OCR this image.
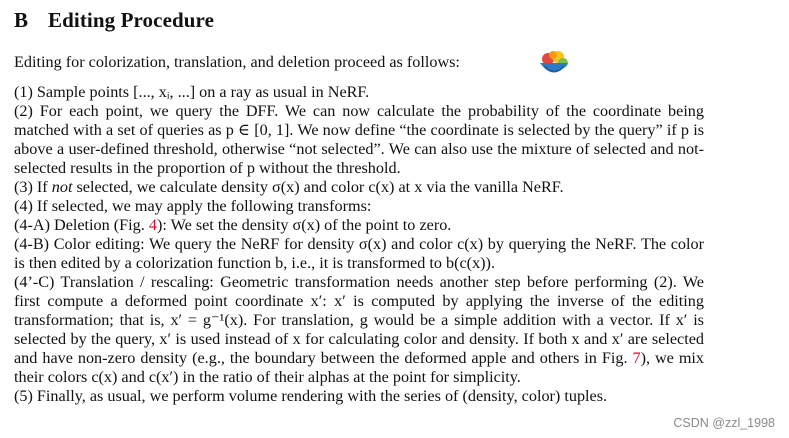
B Editing Procedure
Editing for colorization, translation, and deletion proceed as follows:

(1) Sample points [..., xᵢ, ...] on a ray as usual in NeRF.

(2) For each point, we query the DFF. We can now calculate the probability of the coordinate being matched with a set of queries as p ∈ [0, 1]. We now define “the coordinate is selected by the query” if p is above a user-defined threshold, otherwise “not selected”. We can also use the mixture of selected and not-selected results in the proportion of p without the threshold.

(3) If not selected, we calculate density σ(x) and color c(x) at x via the vanilla NeRF.

(4) If selected, we may apply the following transforms:

(4-A) Deletion (Fig. 4): We set the density σ(x) of the point to zero.

(4-B) Color editing: We query the NeRF for density σ(x) and color c(x) by querying the NeRF. The color is then edited by a colorization function b, i.e., it is transformed to b(c(x)).

(4’-C) Translation / rescaling: Geometric transformation needs another step before performing (2). We first compute a deformed point coordinate x′: x′ is computed by applying the inverse of the editing transformation; that is, x′ = g⁻¹(x). For translation, g would be a simple addition with a vector. If x′ is selected by the query, x′ is used instead of x for calculating color and density. If both x and x′ are selected and have non-zero density (e.g., the boundary between the deformed apple and others in Fig. 7), we mix their colors c(x) and c(x′) in the ratio of their alphas at the point for simplicity.

(5) Finally, as usual, we perform volume rendering with the series of (density, color) tuples.

CSDN @zzl_1998
